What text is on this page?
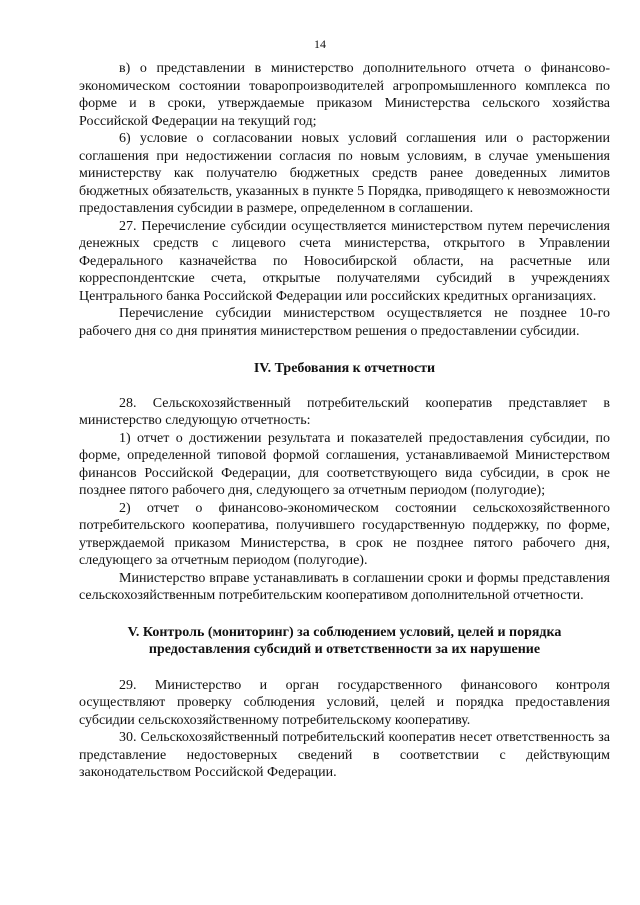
14

в) о представлении в министерство дополнительного отчета о финансово-экономическом состоянии товаропроизводителей агропромышленного комплекса по форме и в сроки, утверждаемые приказом Министерства сельского хозяйства Российской Федерации на текущий год;

6) условие о согласовании новых условий соглашения или о расторжении соглашения при недостижении согласия по новым условиям, в случае уменьшения министерству как получателю бюджетных средств ранее доведенных лимитов бюджетных обязательств, указанных в пункте 5 Порядка, приводящего к невозможности предоставления субсидии в размере, определенном в соглашении.

27. Перечисление субсидии осуществляется министерством путем перечисления денежных средств с лицевого счета министерства, открытого в Управлении Федерального казначейства по Новосибирской области, на расчетные или корреспондентские счета, открытые получателями субсидий в учреждениях Центрального банка Российской Федерации или российских кредитных организациях.

Перечисление субсидии министерством осуществляется не позднее 10-го рабочего дня со дня принятия министерством решения о предоставлении субсидии.

IV. Требования к отчетности

28. Сельскохозяйственный потребительский кооператив представляет в министерство следующую отчетность:

1) отчет о достижении результата и показателей предоставления субсидии, по форме, определенной типовой формой соглашения, устанавливаемой Министерством финансов Российской Федерации, для соответствующего вида субсидии, в срок не позднее пятого рабочего дня, следующего за отчетным периодом (полугодие);

2) отчет о финансово-экономическом состоянии сельскохозяйственного потребительского кооператива, получившего государственную поддержку, по форме, утверждаемой приказом Министерства, в срок не позднее пятого рабочего дня, следующего за отчетным периодом (полугодие).

Министерство вправе устанавливать в соглашении сроки и формы представления сельскохозяйственным потребительским кооперативом дополнительной отчетности.

V. Контроль (мониторинг) за соблюдением условий, целей и порядка
предоставления субсидий и ответственности за их нарушение

29. Министерство и орган государственного финансового контроля осуществляют проверку соблюдения условий, целей и порядка предоставления субсидии сельскохозяйственному потребительскому кооперативу.

30. Сельскохозяйственный потребительский кооператив несет ответственность за представление недостоверных сведений в соответствии с действующим законодательством Российской Федерации.
